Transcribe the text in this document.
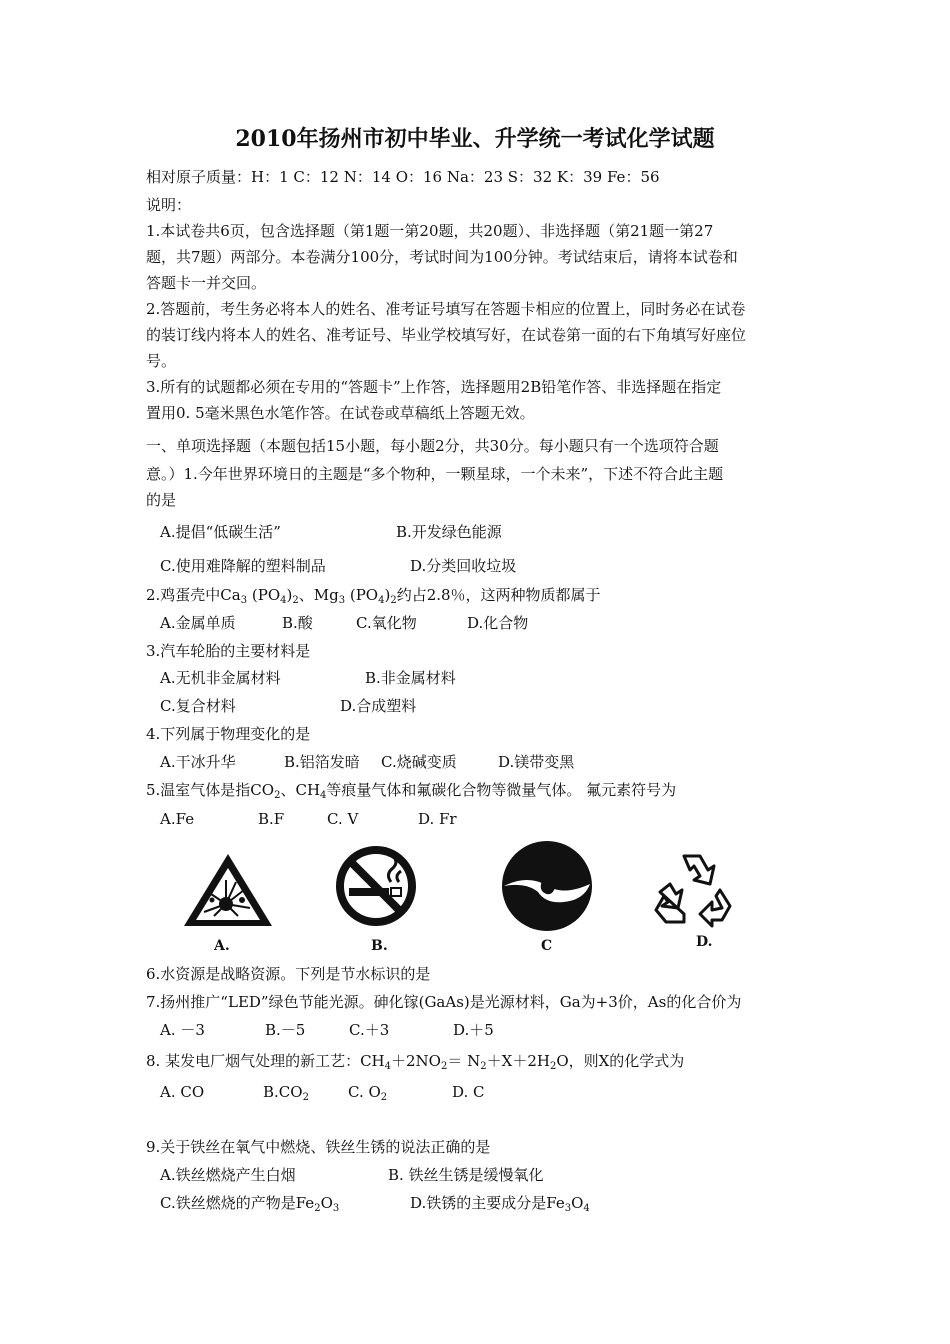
2010年扬州市初中毕业、升学统一考试化学试题
相对原子质量：H：1 C：12 N：14 O：16 Na：23 S：32 K：39 Fe：56
说明：
1.本试卷共6页，包含选择题（第1题一第20题，共20题）、非选择题（第21题一第27
题，共7题）两部分。本卷满分100分，考试时间为100分钟。考试结束后，请将本试卷和
答题卡一并交回。
2.答题前，考生务必将本人的姓名、准考证号填写在答题卡相应的位置上，同时务必在试卷
的装订线内将本人的姓名、准考证号、毕业学校填写好，在试卷第一面的右下角填写好座位
号。
3.所有的试题都必须在专用的“答题卡”上作答，选择题用2B铅笔作答、非选择题在指定
置用0. 5毫米黑色水笔作答。在试卷或草稿纸上答题无效。
一、单项选择题（本题包括15小题，每小题2分，共30分。每小题只有一个选项符合题
意。）1.今年世界环境日的主题是“多个物种，一颗星球，一个未来”，下述不符合此主题
的是
A.提倡“低碳生活”	B.开发绿色能源
C.使用难降解的塑料制品	D.分类回收垃圾
2.鸡蛋壳中$Ca_3$ $(PO_4)_2$、$Mg_3$ $(PO_4)_2$约占2.8％，这两种物质都属于
A.金属单质	B.酸	C.氧化物	D.化合物
3.汽车轮胎的主要材料是
A.无机非金属材料	B.非金属材料
C.复合材料	D.合成塑料
4.下列属于物理变化的是
A.干冰升华	B.铝箔发暗 C.烧碱变质	D.镁带变黑
5.温室气体是指$CO_2$、$CH_4$等痕量气体和氟碳化合物等微量气体。 氟元素符号为
A.Fe	B.F	C. V	D. Fr
A.	B.	C	D.
6.水资源是战略资源。下列是节水标识的是
7.扬州推广“LED”绿色节能光源。砷化镓(GaAs)是光源材料，Ga为+3价，As的化合价为
A. －3	B.－5	C.＋3	D.＋5
8. 某发电厂烟气处理的新工艺：$CH_4+2NO_2= N_2+X+2H_2O$，则X的化学式为
A. CO	$B.CO_2$	C. $O_2$	D. C
9.关于铁丝在氧气中燃烧、铁丝生锈的说法正确的是
A.铁丝燃烧产生白烟	B. 铁丝生锈是缓慢氧化
C.铁丝燃烧的产物是$Fe_2O_3$	D.铁锈的主要成分是$Fe_3O_4$
